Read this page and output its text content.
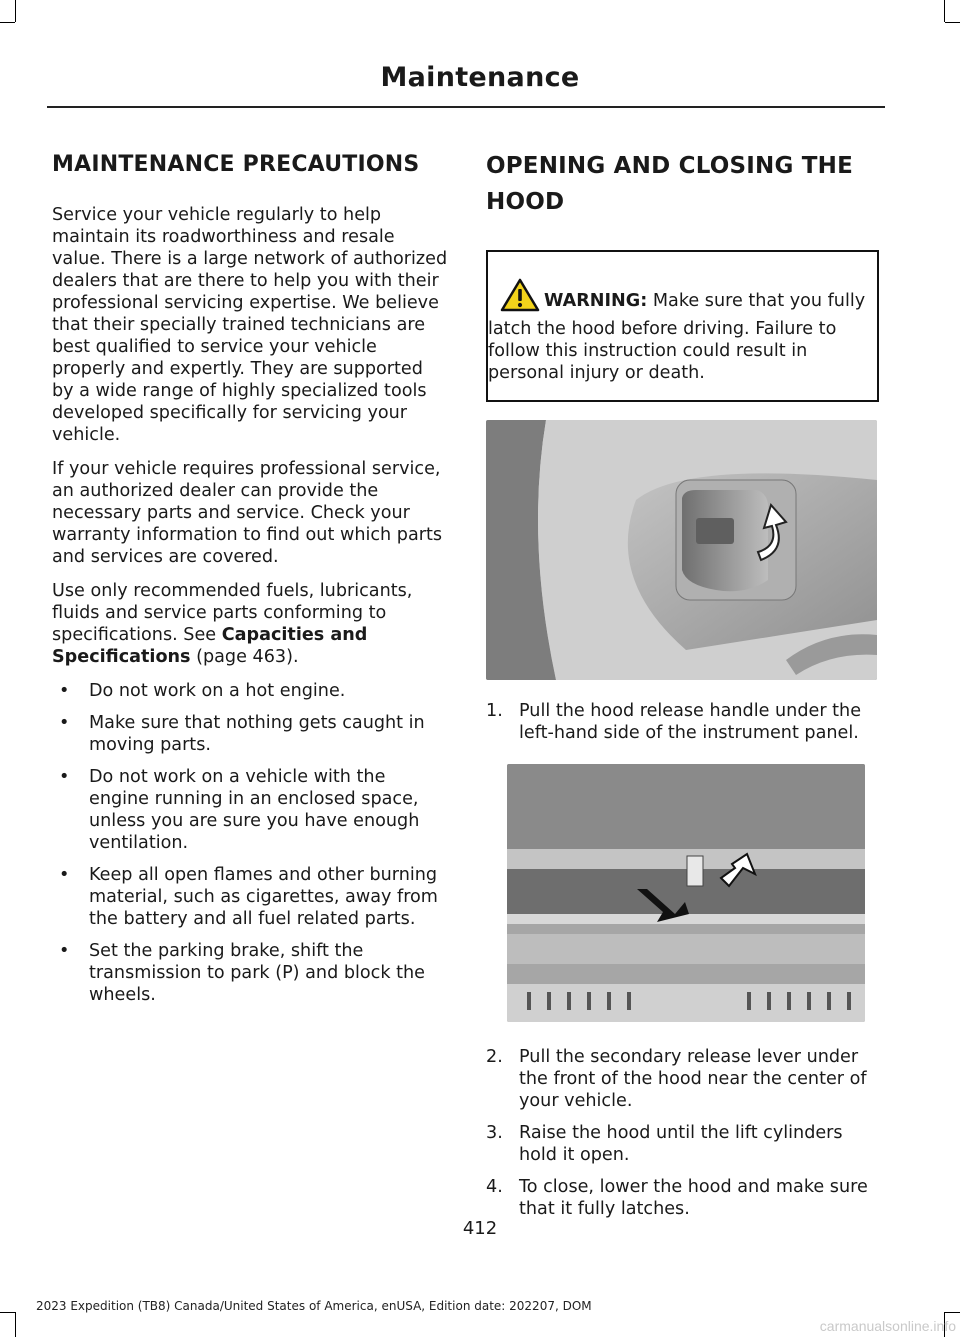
Maintenance
MAINTENANCE PRECAUTIONS

Service your vehicle regularly to help maintain its roadworthiness and resale value. There is a large network of authorized dealers that are there to help you with their professional servicing expertise. We believe that their specially trained technicians are best qualified to service your vehicle properly and expertly. They are supported by a wide range of highly specialized tools developed specifically for servicing your vehicle.

If your vehicle requires professional service, an authorized dealer can provide the necessary parts and service. Check your warranty information to find out which parts and services are covered.

Use only recommended fuels, lubricants, fluids and service parts conforming to specifications. See Capacities and Specifications (page 463).

• Do not work on a hot engine.
• Make sure that nothing gets caught in moving parts.
• Do not work on a vehicle with the engine running in an enclosed space, unless you are sure you have enough ventilation.
• Keep all open flames and other burning material, such as cigarettes, away from the battery and all fuel related parts.
• Set the parking brake, shift the transmission to park (P) and block the wheels.
OPENING AND CLOSING THE
HOOD
WARNING: Make sure that you fully latch the hood before driving. Failure to follow this instruction could result in personal injury or death.
1. Pull the hood release handle under the left-hand side of the instrument panel.
2. Pull the secondary release lever under the front of the hood near the center of your vehicle.
3. Raise the hood until the lift cylinders hold it open.
4. To close, lower the hood and make sure that it fully latches.
412
2023 Expedition (TB8) Canada/United States of America, enUSA, Edition date: 202207, DOM
carmanualsonline.info
